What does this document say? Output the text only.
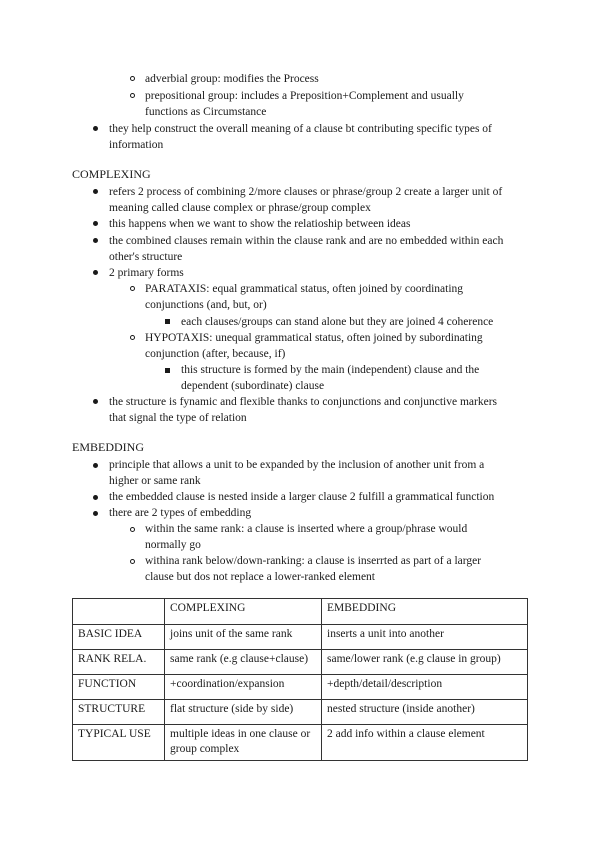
adverbial group: modifies the Process
prepositional group: includes a Preposition+Complement and usually
functions as Circumstance
they help construct the overall meaning of a clause bt contributing specific types of
information
COMPLEXING
refers 2 process of combining 2/more clauses or phrase/group 2 create a larger unit of
meaning called clause complex or phrase/group complex
this happens when we want to show the relatioship between ideas
the combined clauses remain within the clause rank and are no embedded within each
other's structure
2 primary forms
PARATAXIS: equal grammatical status, often joined by coordinating
conjunctions (and, but, or)
each clauses/groups can stand alone but they are joined 4 coherence
HYPOTAXIS: unequal grammatical status, often joined by subordinating
conjunction (after, because, if)
this structure is formed by the main (independent) clause and the
dependent (subordinate) clause
the structure is fynamic and flexible thanks to conjunctions and conjunctive markers
that signal the type of relation
EMBEDDING
principle that allows a unit to be expanded by the inclusion of another unit from a
higher or same rank
the embedded clause is nested inside a larger clause 2 fulfill a grammatical function
there are 2 types of embedding
within the same rank: a clause is inserted where a group/phrase would
normally go
withina rank below/down-ranking: a clause is inserrted as part of a larger
clause but dos not replace a lower-ranked element
	COMPLEXING	EMBEDDING
BASIC IDEA	joins unit of the same rank	inserts a unit into another
RANK RELA.	same rank (e.g clause+clause)	same/lower rank (e.g clause in group)
FUNCTION	+coordination/expansion	+depth/detail/description
STRUCTURE	flat structure (side by side)	nested structure (inside another)
TYPICAL USE	multiple ideas in one clause or group complex	2 add info within a clause element
